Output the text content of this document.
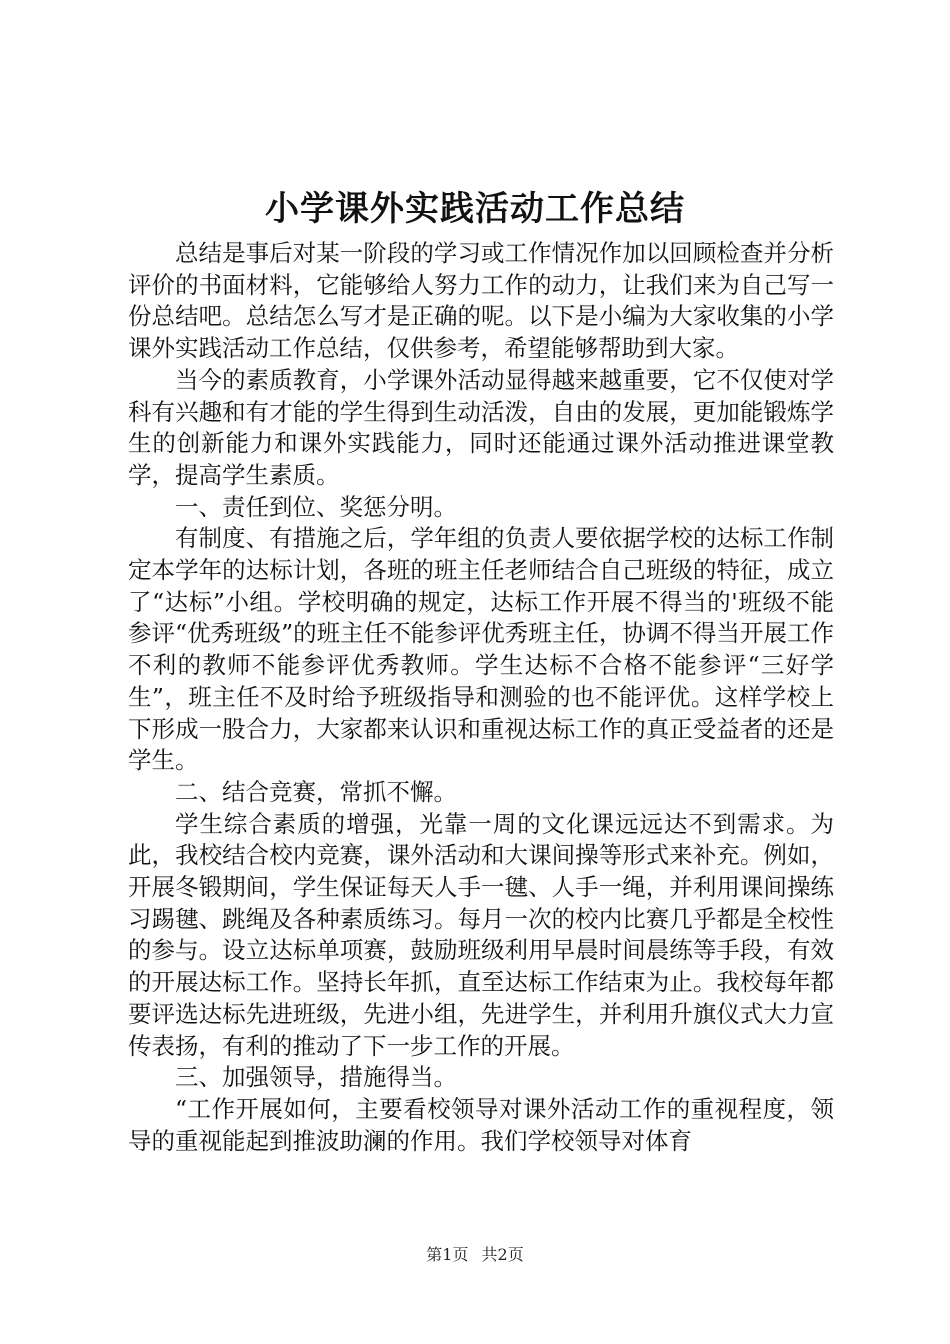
小学课外实践活动工作总结

总结是事后对某一阶段的学习或工作情况作加以回顾检查并分析评价的书面材料，它能够给人努力工作的动力，让我们来为自己写一份总结吧。总结怎么写才是正确的呢。以下是小编为大家收集的小学课外实践活动工作总结，仅供参考，希望能够帮助到大家。

当今的素质教育，小学课外活动显得越来越重要，它不仅使对学科有兴趣和有才能的学生得到生动活泼，自由的发展，更加能锻炼学生的创新能力和课外实践能力，同时还能通过课外活动推进课堂教学，提高学生素质。

一、责任到位、奖惩分明。

有制度、有措施之后，学年组的负责人要依据学校的达标工作制定本学年的达标计划，各班的班主任老师结合自己班级的特征，成立了“达标”小组。学校明确的规定，达标工作开展不得当的'班级不能参评“优秀班级”的班主任不能参评优秀班主任，协调不得当开展工作不利的教师不能参评优秀教师。学生达标不合格不能参评“三好学生”，班主任不及时给予班级指导和测验的也不能评优。这样学校上下形成一股合力，大家都来认识和重视达标工作的真正受益者的还是学生。

二、结合竞赛，常抓不懈。

学生综合素质的增强，光靠一周的文化课远远达不到需求。为此，我校结合校内竞赛，课外活动和大课间操等形式来补充。例如，开展冬锻期间，学生保证每天人手一毽、人手一绳，并利用课间操练习踢毽、跳绳及各种素质练习。每月一次的校内比赛几乎都是全校性的参与。设立达标单项赛，鼓励班级利用早晨时间晨练等手段，有效的开展达标工作。坚持长年抓，直至达标工作结束为止。我校每年都要评选达标先进班级，先进小组，先进学生，并利用升旗仪式大力宣传表扬，有利的推动了下一步工作的开展。

三、加强领导，措施得当。

“工作开展如何，主要看校领导对课外活动工作的重视程度，领导的重视能起到推波助澜的作用。我们学校领导对体育

第1页 共2页
